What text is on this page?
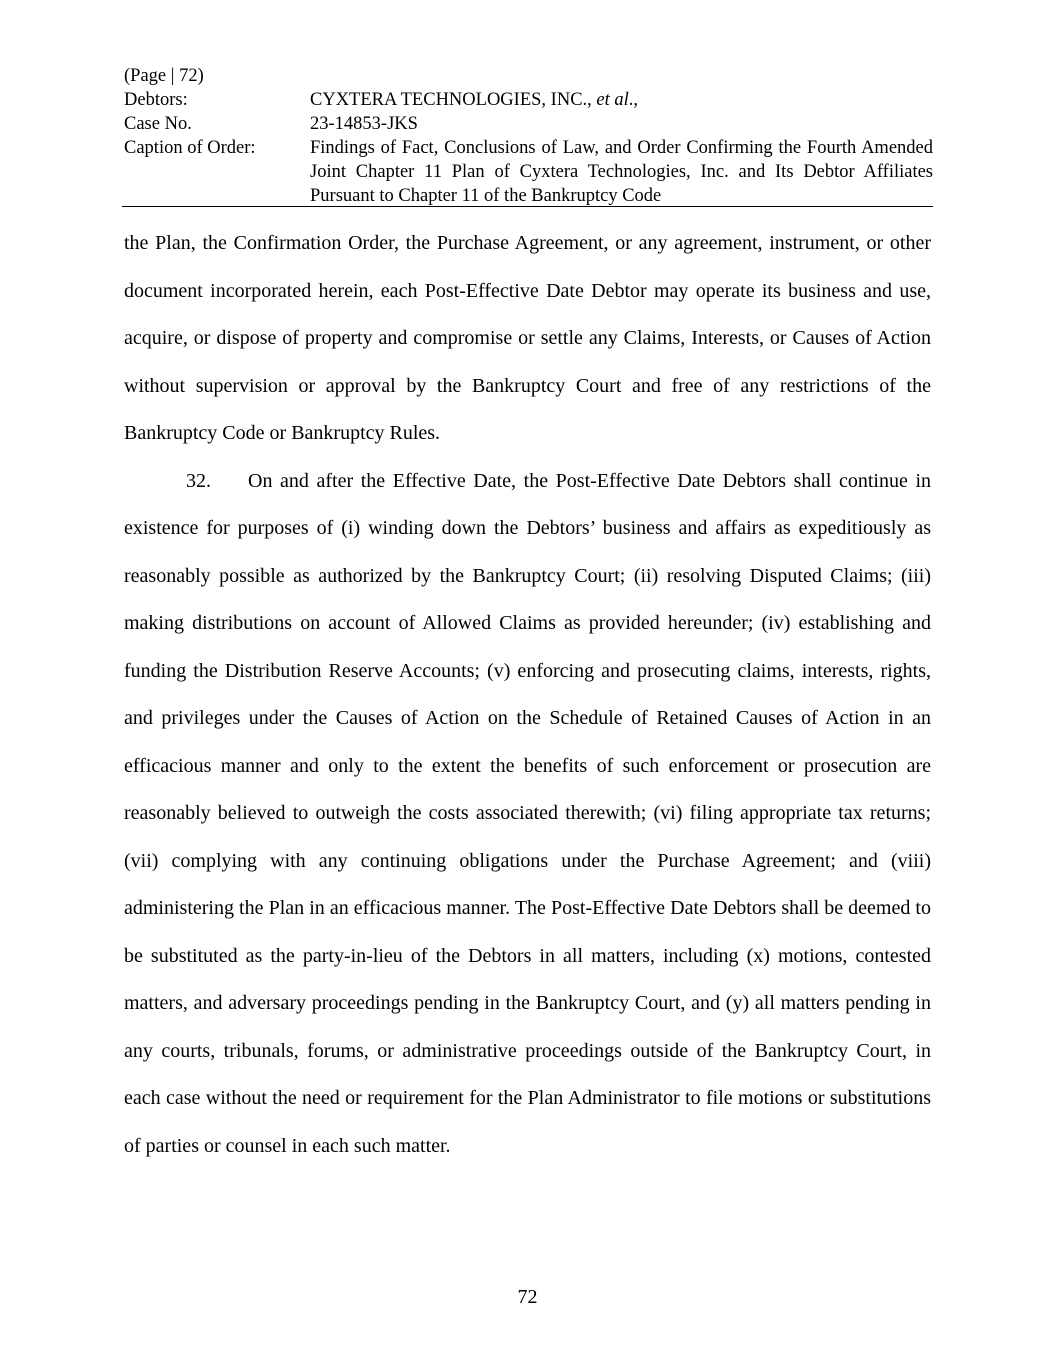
(Page | 72)
Debtors:	CYXTERA TECHNOLOGIES, INC., et al.,
Case No.	23-14853-JKS
Caption of Order:	Findings of Fact, Conclusions of Law, and Order Confirming the Fourth Amended Joint Chapter 11 Plan of Cyxtera Technologies, Inc. and Its Debtor Affiliates Pursuant to Chapter 11 of the Bankruptcy Code

the Plan, the Confirmation Order, the Purchase Agreement, or any agreement, instrument, or other document incorporated herein, each Post-Effective Date Debtor may operate its business and use, acquire, or dispose of property and compromise or settle any Claims, Interests, or Causes of Action without supervision or approval by the Bankruptcy Court and free of any restrictions of the Bankruptcy Code or Bankruptcy Rules.

32. On and after the Effective Date, the Post-Effective Date Debtors shall continue in existence for purposes of (i) winding down the Debtors’ business and affairs as expeditiously as reasonably possible as authorized by the Bankruptcy Court; (ii) resolving Disputed Claims; (iii) making distributions on account of Allowed Claims as provided hereunder; (iv) establishing and funding the Distribution Reserve Accounts; (v) enforcing and prosecuting claims, interests, rights, and privileges under the Causes of Action on the Schedule of Retained Causes of Action in an efficacious manner and only to the extent the benefits of such enforcement or prosecution are reasonably believed to outweigh the costs associated therewith; (vi) filing appropriate tax returns; (vii) complying with any continuing obligations under the Purchase Agreement; and (viii) administering the Plan in an efficacious manner. The Post-Effective Date Debtors shall be deemed to be substituted as the party-in-lieu of the Debtors in all matters, including (x) motions, contested matters, and adversary proceedings pending in the Bankruptcy Court, and (y) all matters pending in any courts, tribunals, forums, or administrative proceedings outside of the Bankruptcy Court, in each case without the need or requirement for the Plan Administrator to file motions or substitutions of parties or counsel in each such matter.

72
